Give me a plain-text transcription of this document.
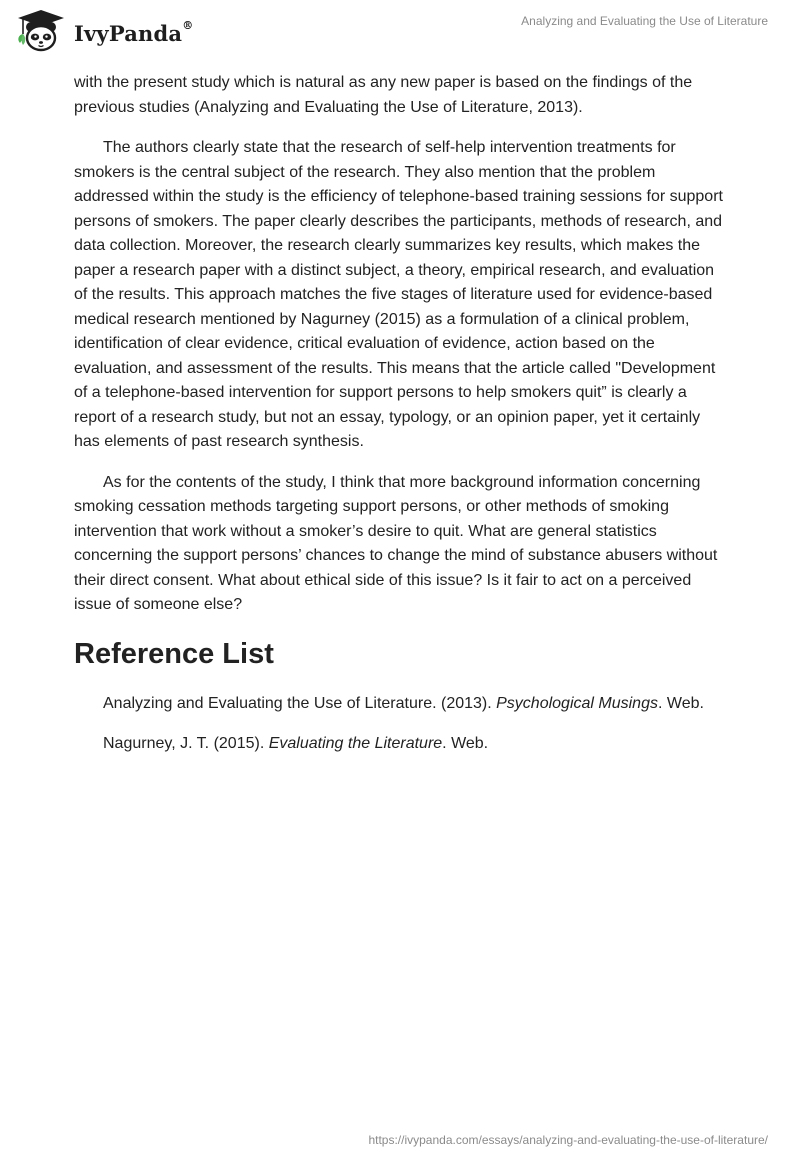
IvyPanda®	Analyzing and Evaluating the Use of Literature

with the present study which is natural as any new paper is based on the findings of the previous studies (Analyzing and Evaluating the Use of Literature, 2013).

The authors clearly state that the research of self-help intervention treatments for smokers is the central subject of the research. They also mention that the problem addressed within the study is the efficiency of telephone-based training sessions for support persons of smokers. The paper clearly describes the participants, methods of research, and data collection. Moreover, the research clearly summarizes key results, which makes the paper a research paper with a distinct subject, a theory, empirical research, and evaluation of the results. This approach matches the five stages of literature used for evidence-based medical research mentioned by Nagurney (2015) as a formulation of a clinical problem, identification of clear evidence, critical evaluation of evidence, action based on the evaluation, and assessment of the results. This means that the article called "Development of a telephone-based intervention for support persons to help smokers quit” is clearly a report of a research study, but not an essay, typology, or an opinion paper, yet it certainly has elements of past research synthesis.

As for the contents of the study, I think that more background information concerning smoking cessation methods targeting support persons, or other methods of smoking intervention that work without a smoker’s desire to quit. What are general statistics concerning the support persons’ chances to change the mind of substance abusers without their direct consent. What about ethical side of this issue? Is it fair to act on a perceived issue of someone else?

Reference List

Analyzing and Evaluating the Use of Literature. (2013). Psychological Musings. Web.

Nagurney, J. T. (2015). Evaluating the Literature. Web.

https://ivypanda.com/essays/analyzing-and-evaluating-the-use-of-literature/
